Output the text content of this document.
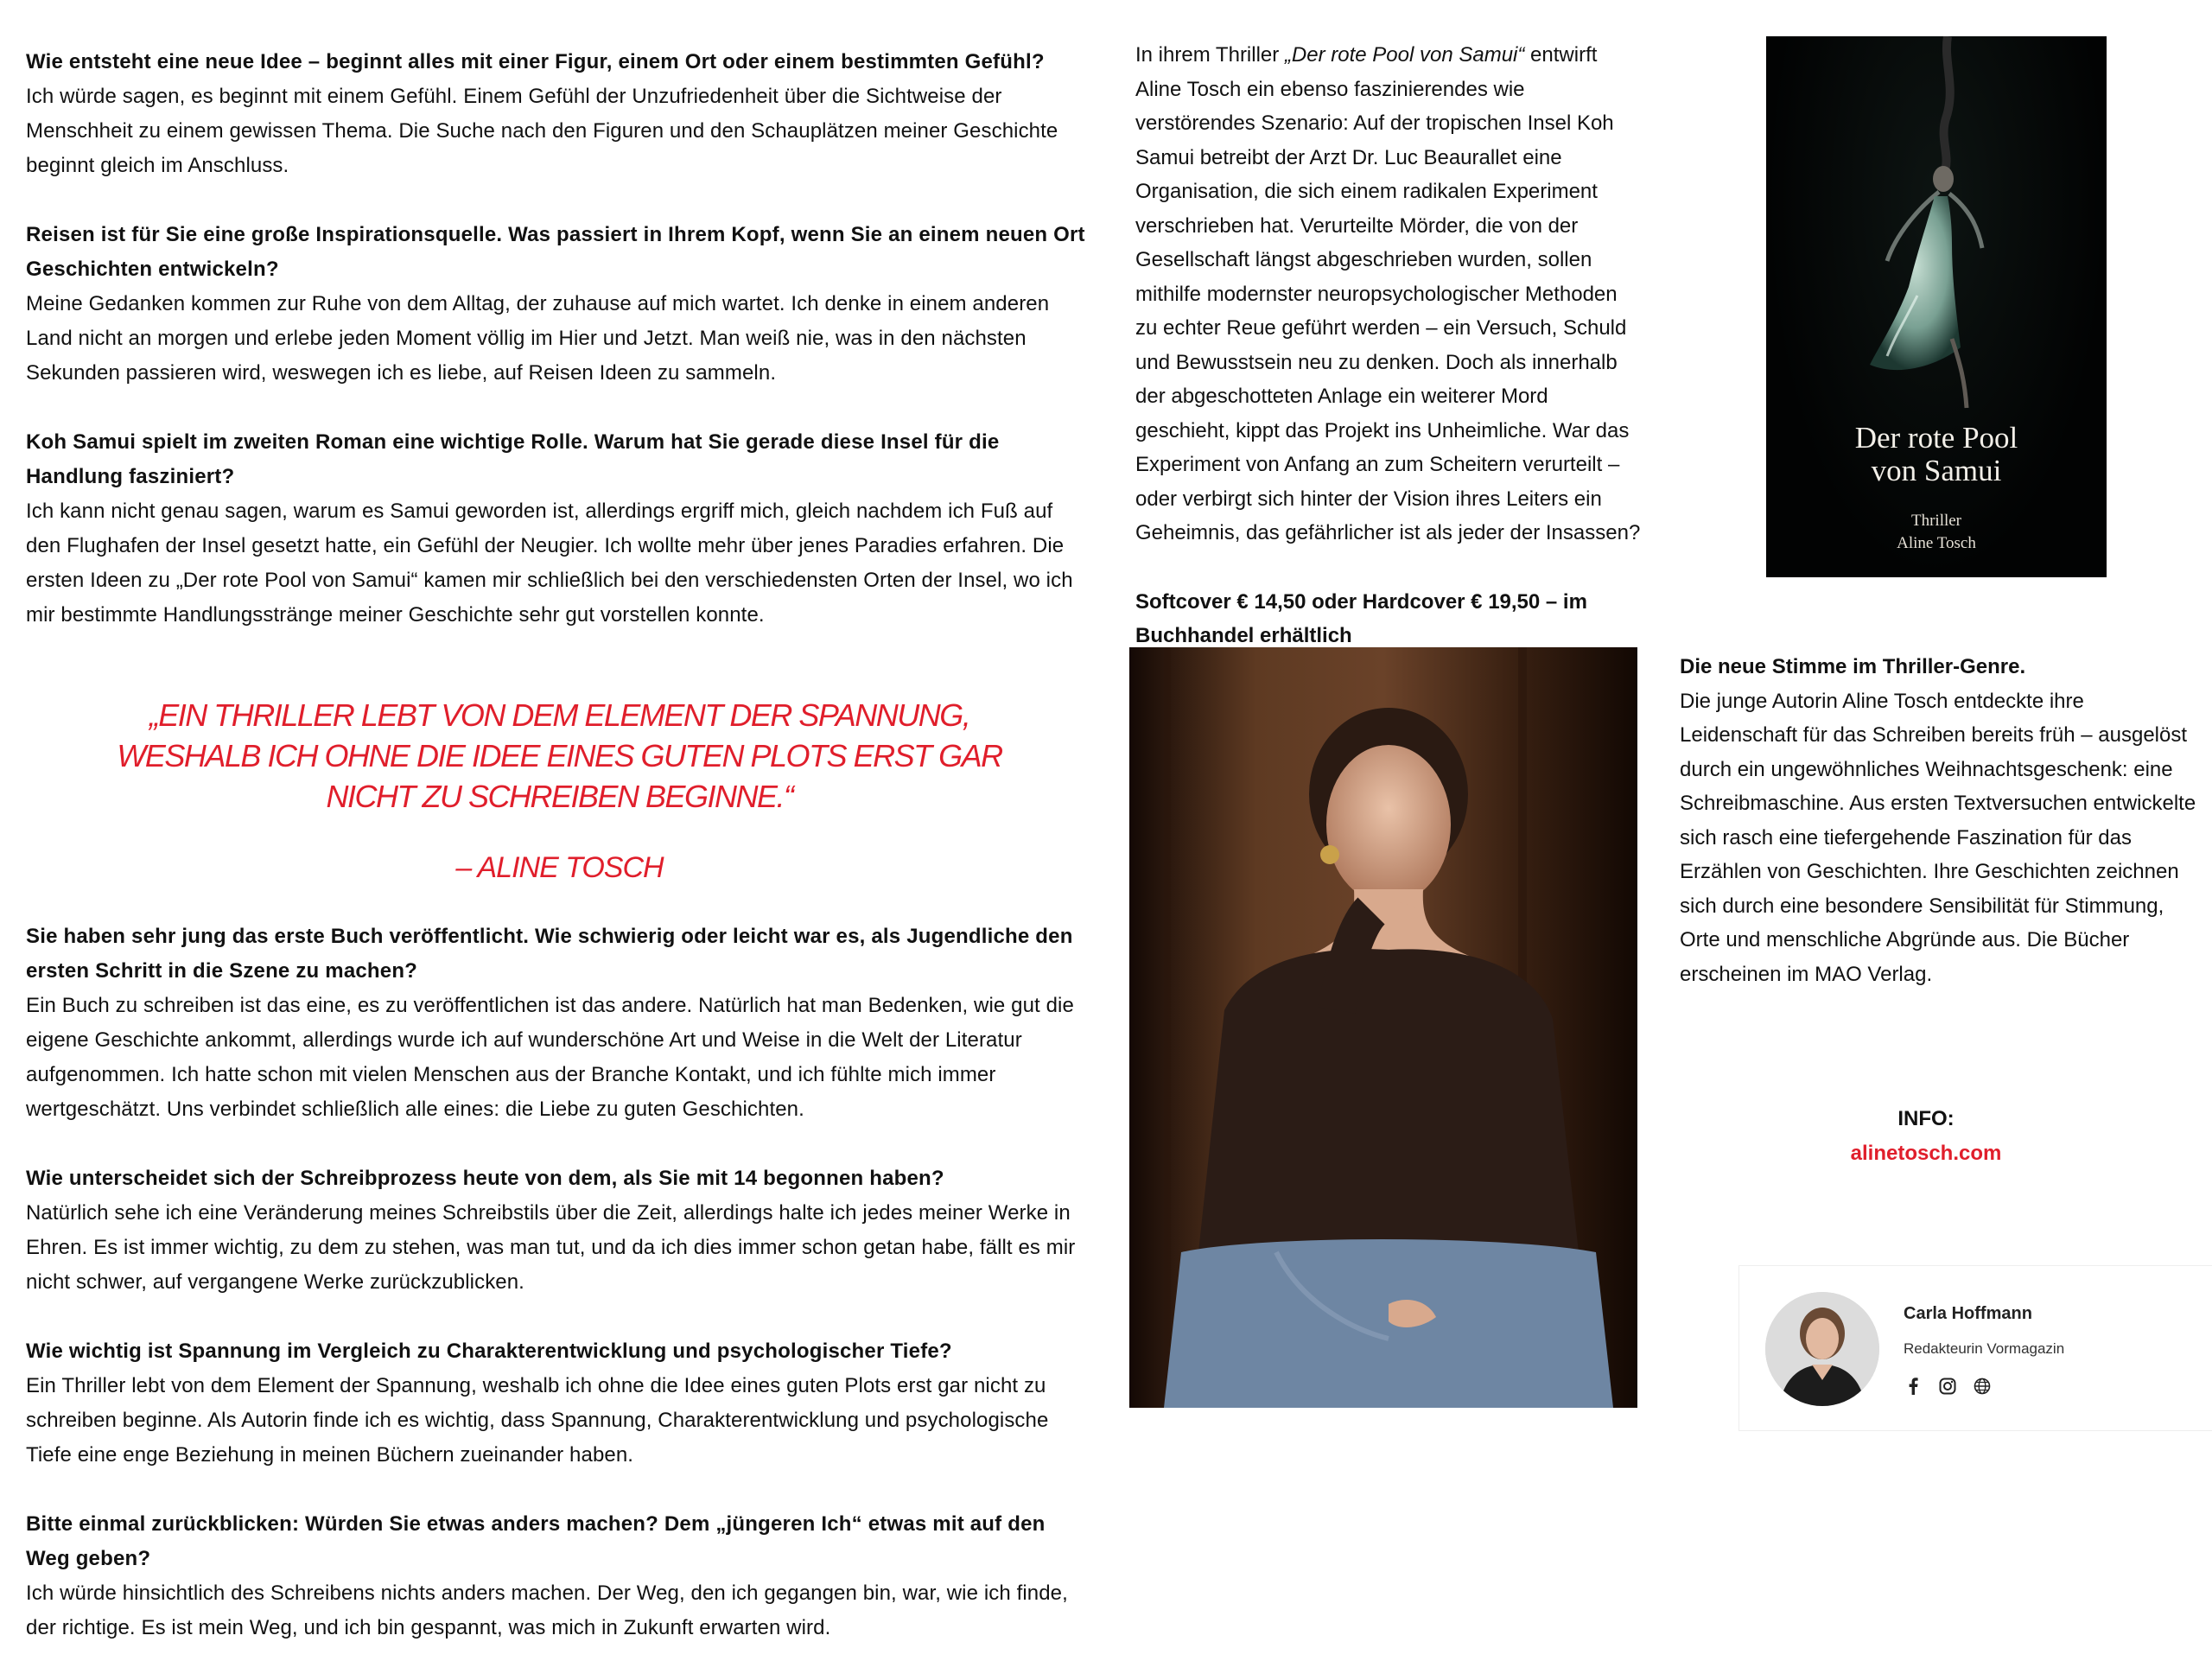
Wie entsteht eine neue Idee – beginnt alles mit einer Figur, einem Ort oder einem bestimmten Gefühl?

Ich würde sagen, es beginnt mit einem Gefühl. Einem Gefühl der Unzufriedenheit über die Sichtweise der Menschheit zu einem gewissen Thema. Die Suche nach den Figuren und den Schauplätzen meiner Geschichte beginnt gleich im Anschluss.

Reisen ist für Sie eine große Inspirationsquelle. Was passiert in Ihrem Kopf, wenn Sie an einem neuen Ort Geschichten entwickeln?

Meine Gedanken kommen zur Ruhe von dem Alltag, der zuhause auf mich wartet. Ich denke in einem anderen Land nicht an morgen und erlebe jeden Moment völlig im Hier und Jetzt. Man weiß nie, was in den nächsten Sekunden passieren wird, weswegen ich es liebe, auf Reisen Ideen zu sammeln.

Koh Samui spielt im zweiten Roman eine wichtige Rolle. Warum hat Sie gerade diese Insel für die Handlung fasziniert?

Ich kann nicht genau sagen, warum es Samui geworden ist, allerdings ergriff mich, gleich nachdem ich Fuß auf den Flughafen der Insel gesetzt hatte, ein Gefühl der Neugier. Ich wollte mehr über jenes Paradies erfahren. Die ersten Ideen zu „Der rote Pool von Samui“ kamen mir schließlich bei den verschiedensten Orten der Insel, wo ich mir bestimmte Handlungsstränge meiner Geschichte sehr gut vorstellen konnte.

„EIN THRILLER LEBT VON DEM ELEMENT DER SPANNUNG, WESHALB ICH OHNE DIE IDEE EINES GUTEN PLOTS ERST GAR NICHT ZU SCHREIBEN BEGINNE.“
– ALINE TOSCH

Sie haben sehr jung das erste Buch veröffentlicht. Wie schwierig oder leicht war es, als Jugendliche den ersten Schritt in die Szene zu machen?

Ein Buch zu schreiben ist das eine, es zu veröffentlichen ist das andere. Natürlich hat man Bedenken, wie gut die eigene Geschichte ankommt, allerdings wurde ich auf wunderschöne Art und Weise in die Welt der Literatur aufgenommen. Ich hatte schon mit vielen Menschen aus der Branche Kontakt, und ich fühlte mich immer wertgeschätzt. Uns verbindet schließlich alle eines: die Liebe zu guten Geschichten.

Wie unterscheidet sich der Schreibprozess heute von dem, als Sie mit 14 begonnen haben?

Natürlich sehe ich eine Veränderung meines Schreibstils über die Zeit, allerdings halte ich jedes meiner Werke in Ehren. Es ist immer wichtig, zu dem zu stehen, was man tut, und da ich dies immer schon getan habe, fällt es mir nicht schwer, auf vergangene Werke zurückzublicken.

Wie wichtig ist Spannung im Vergleich zu Charakterentwicklung und psychologischer Tiefe?

Ein Thriller lebt von dem Element der Spannung, weshalb ich ohne die Idee eines guten Plots erst gar nicht zu schreiben beginne. Als Autorin finde ich es wichtig, dass Spannung, Charakterentwicklung und psychologische Tiefe eine enge Beziehung in meinen Büchern zueinander haben.

Bitte einmal zurückblicken: Würden Sie etwas anders machen? Dem „jüngeren Ich“ etwas mit auf den Weg geben?

Ich würde hinsichtlich des Schreibens nichts anders machen. Der Weg, den ich gegangen bin, war, wie ich finde, der richtige. Es ist mein Weg, und ich bin gespannt, was mich in Zukunft erwarten wird.

In ihrem Thriller „Der rote Pool von Samui“ entwirft Aline Tosch ein ebenso faszinierendes wie verstörendes Szenario: Auf der tropischen Insel Koh Samui betreibt der Arzt Dr. Luc Beaurallet eine Organisation, die sich einem radikalen Experiment verschrieben hat. Verurteilte Mörder, die von der Gesellschaft längst abgeschrieben wurden, sollen mithilfe modernster neuropsychologischer Methoden zu echter Reue geführt werden – ein Versuch, Schuld und Bewusstsein neu zu denken. Doch als innerhalb der abgeschotteten Anlage ein weiterer Mord geschieht, kippt das Projekt ins Unheimliche. War das Experiment von Anfang an zum Scheitern verurteilt – oder verbirgt sich hinter der Vision ihres Leiters ein Geheimnis, das gefährlicher ist als jeder der Insassen?

Softcover € 14,50 oder Hardcover € 19,50 – im Buchhandel erhältlich

Der rote Pool
von Samui
Thriller
Aline Tosch

Die neue Stimme im Thriller-Genre.

Die junge Autorin Aline Tosch entdeckte ihre Leidenschaft für das Schreiben bereits früh – ausgelöst durch ein ungewöhnliches Weihnachtsgeschenk: eine Schreibmaschine. Aus ersten Textversuchen entwickelte sich rasch eine tiefergehende Faszination für das Erzählen von Geschichten. Ihre Geschichten zeichnen sich durch eine besondere Sensibilität für Stimmung, Orte und menschliche Abgründe aus. Die Bücher erscheinen im MAO Verlag.

INFO:
alinetosch.com
Carla Hoffmann
Redakteurin Vormagazin
